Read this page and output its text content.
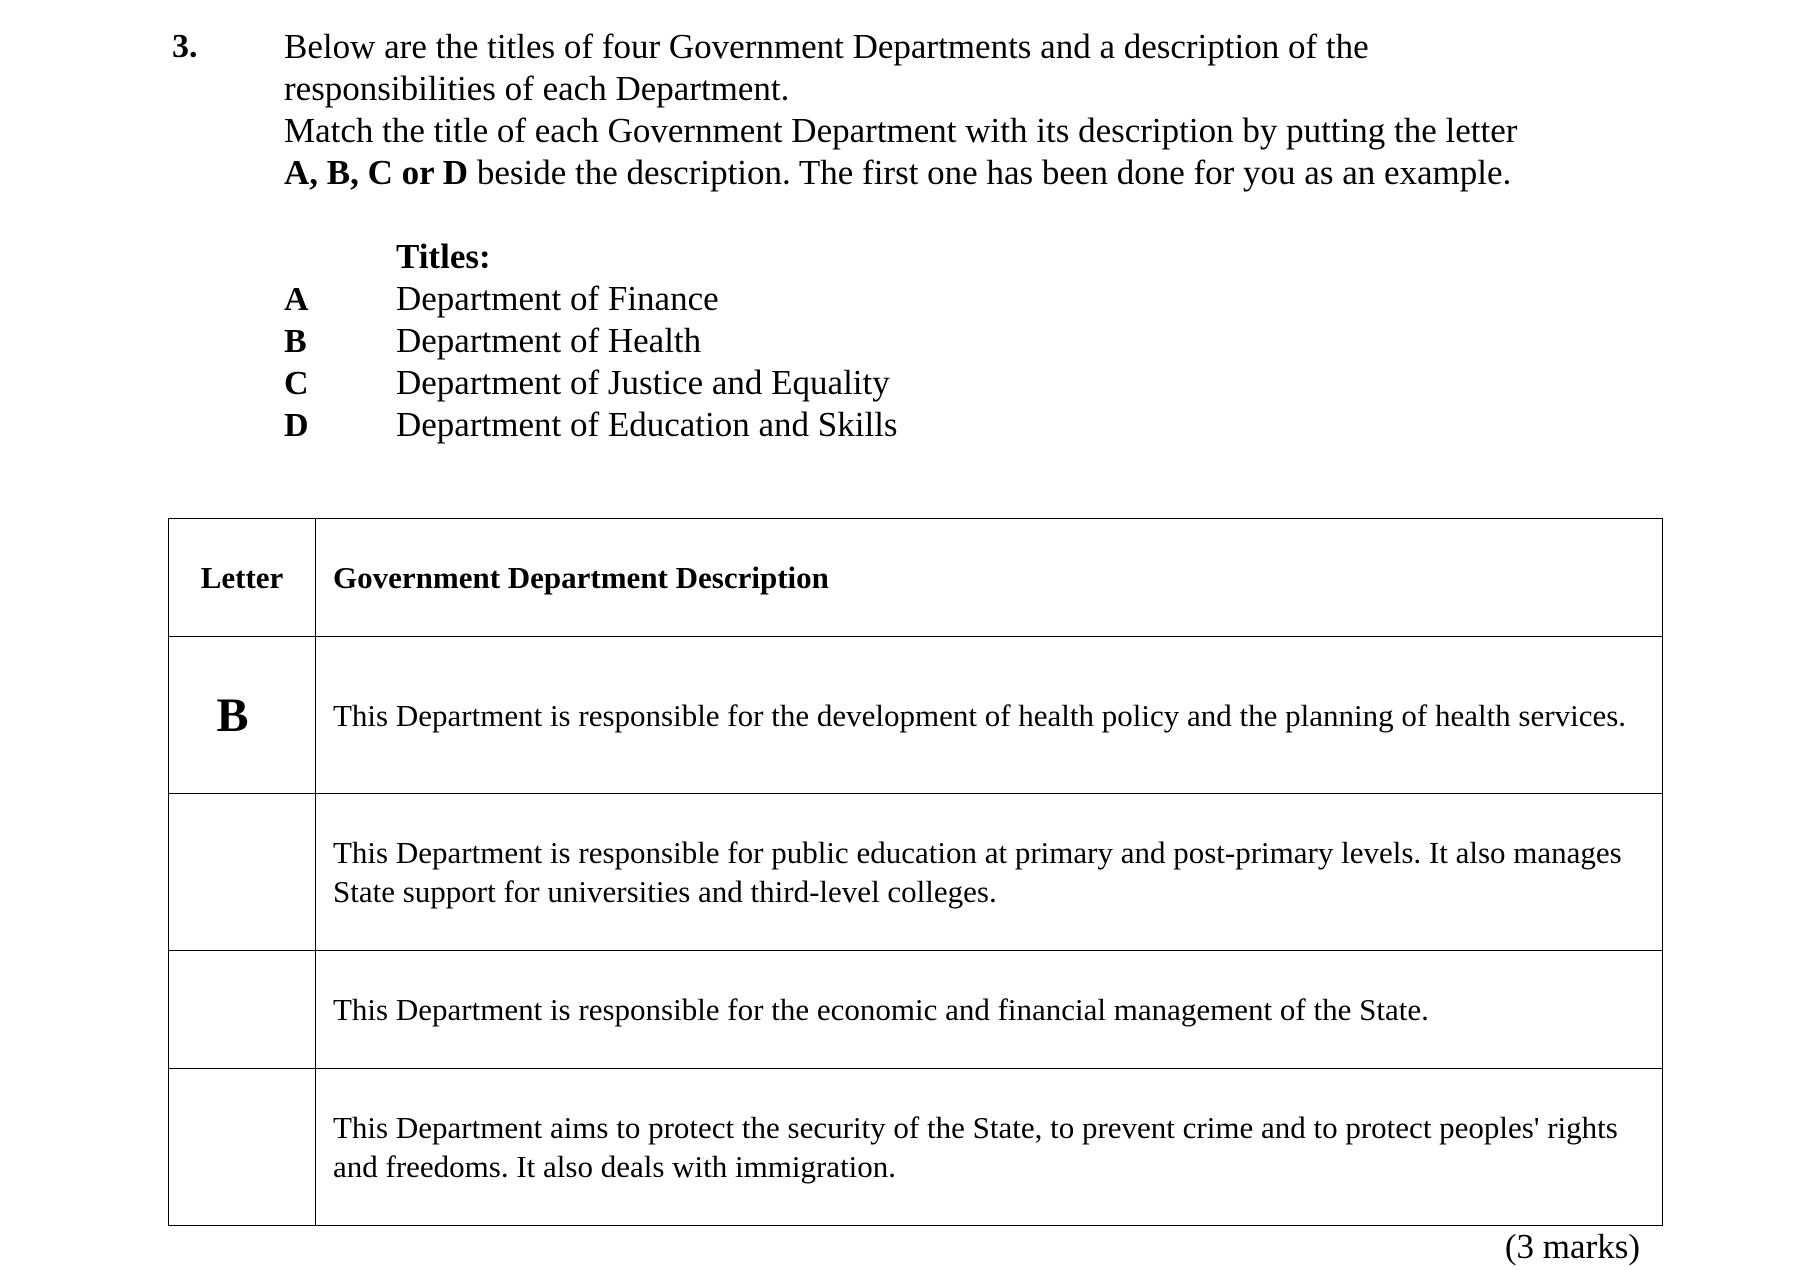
3. Below are the titles of four Government Departments and a description of the

responsibilities of each Department.

Match the title of each Government Department with its description by putting the letter

A, B, C or D beside the description. The first one has been done for you as an example.

Titles:
A Department of Finance
B	Department of Health
C Department of Justice and Equality
D Department of Education and Skills
Letter	Government Department Description
B	This Department is responsible for the development of health policy and the planning of health services.
	This Department is responsible for public education at primary and post-primary levels. It also manages State support for universities and third-level colleges.
	This Department is responsible for the economic and financial management of the State.
	This Department aims to protect the security of the State, to prevent crime and to protect peoples' rights and freedoms. It also deals with immigration.
(3 marks)
